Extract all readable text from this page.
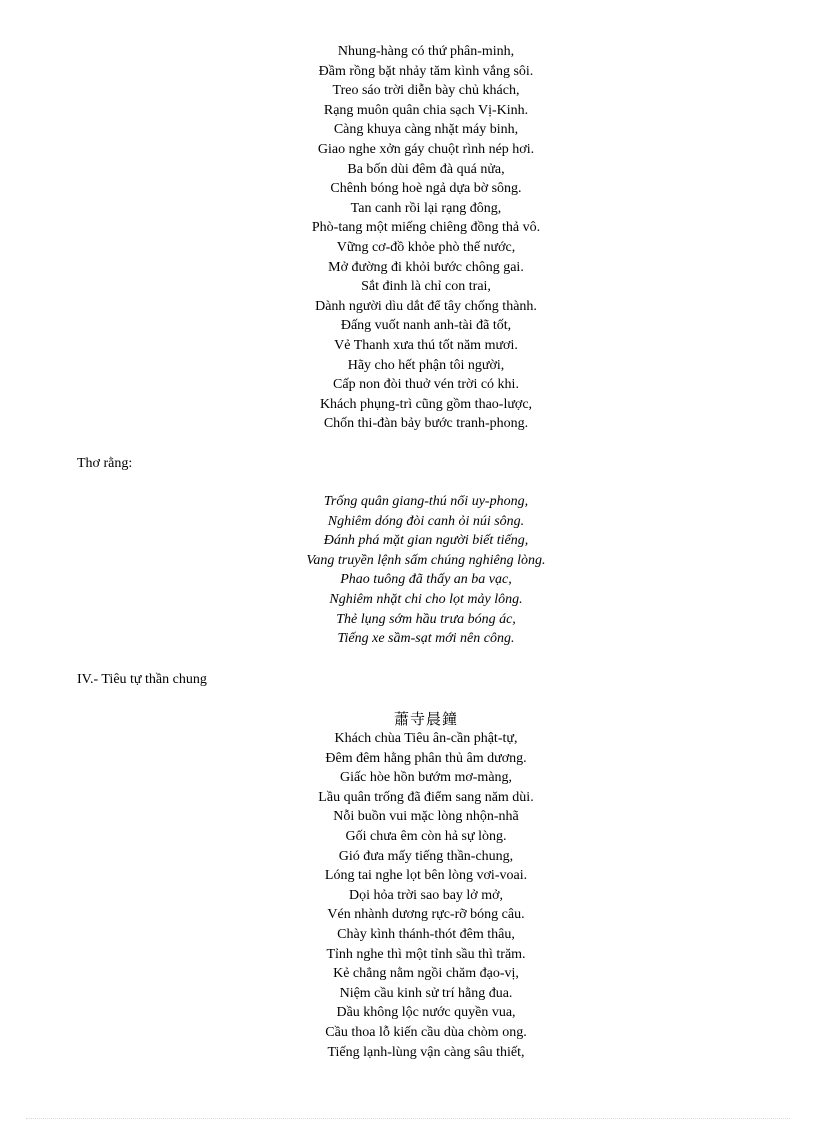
Nhung-hàng có thứ phân-minh,
Đầm rồng bặt nhảy tăm kình vắng sôi.
Treo sáo trời diễn bày chủ khách,
Rạng muôn quân chia sạch Vị-Kinh.
Càng khuya càng nhặt máy binh,
Giao nghe xởn gáy chuột rình nép hơi.
Ba bốn dùi đêm đà quá nửa,
Chênh bóng hoè ngả dựa bờ sông.
Tan canh rồi lại rạng đông,
Phò-tang một miếng chiêng đồng thả vô.
Vững cơ-đồ khỏe phò thế nước,
Mở đường đi khỏi bước chông gai.
Sắt đinh là chỉ con trai,
Dành người dìu dắt để tây chống thành.
Đấng vuốt nanh anh-tài đã tốt,
Vẻ Thanh xưa thú tốt năm mươi.
Hãy cho hết phận tôi người,
Cấp non đòi thuở vén trời có khi.
Khách phụng-trì cũng gồm thao-lược,
Chốn thi-đàn bảy bước tranh-phong.
Thơ rằng:
Trống quân giang-thú nổi uy-phong,
Nghiêm dóng đòi canh ỏi núi sông.
Đánh phá mặt gian người biết tiếng,
Vang truyền lệnh sấm chúng nghiêng lòng.
Phao tuông đã thấy an ba vạc,
Nghiêm nhặt chi cho lọt mảy lông.
Thẻ lụng sớm hầu trưa bóng ác,
Tiếng xe sầm-sạt mới nên công.
IV.- Tiêu tự thần chung
蕭寺晨鐘
Khách chùa Tiêu ân-cần phật-tự,
Đêm đêm hằng phân thủ âm dương.
Giấc hòe hồn bướm mơ-màng,
Lầu quân trống đã điểm sang năm dùi.
Nỗi buồn vui mặc lòng nhộn-nhã
Gối chưa êm còn hả sự lòng.
Gió đưa mấy tiếng thần-chung,
Lóng tai nghe lọt bên lòng vơi-voai.
Dọi hỏa trời sao bay lở mở,
Vén nhành dương rực-rỡ bóng câu.
Chày kình thánh-thót đêm thâu,
Tỉnh nghe thì một tỉnh sầu thì trăm.
Kẻ chẳng nằm ngồi chăm đạo-vị,
Niệm cầu kinh sử trí hằng đua.
Dầu không lộc nước quyền vua,
Cầu thoa lỗ kiến cầu dùa chòm ong.
Tiếng lạnh-lùng vận càng sâu thiết,
